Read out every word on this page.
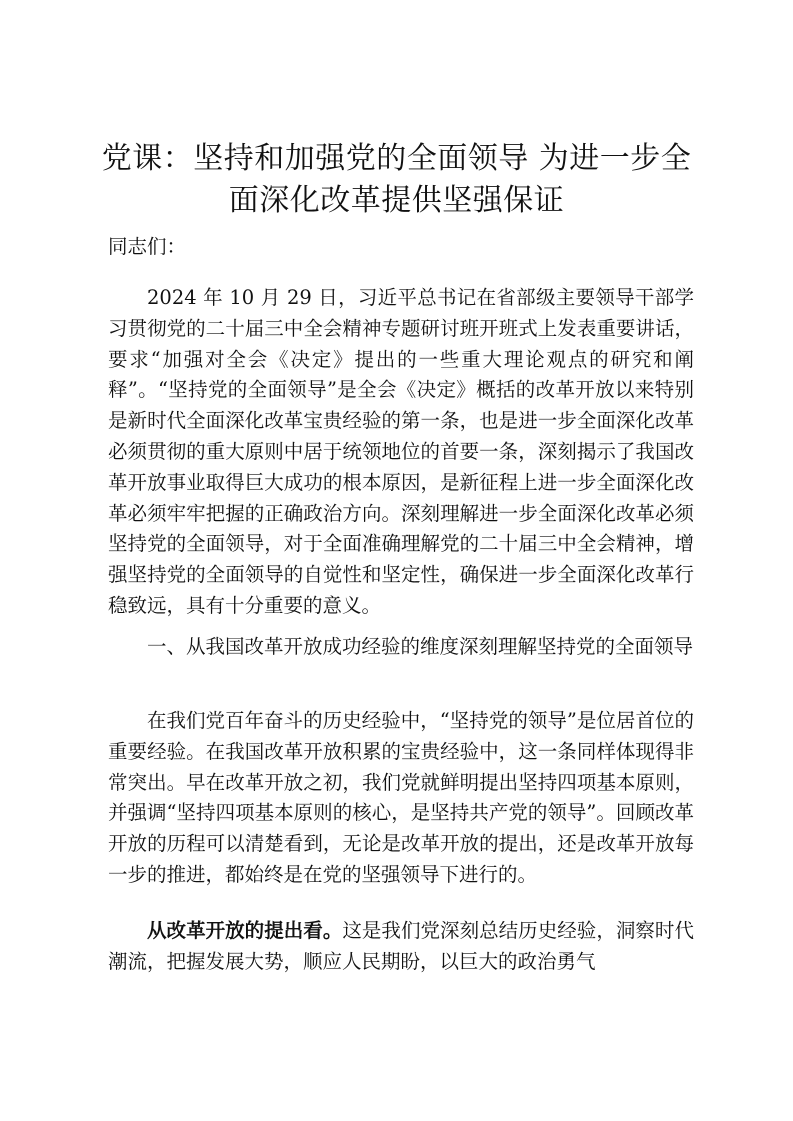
党课：坚持和加强党的全面领导 为进一步全面深化改革提供坚强保证

同志们：

2024 年 10 月 29 日，习近平总书记在省部级主要领导干部学习贯彻党的二十届三中全会精神专题研讨班开班式上发表重要讲话，要求“加强对全会《决定》提出的一些重大理论观点的研究和阐释”。“坚持党的全面领导”是全会《决定》概括的改革开放以来特别是新时代全面深化改革宝贵经验的第一条，也是进一步全面深化改革必须贯彻的重大原则中居于统领地位的首要一条，深刻揭示了我国改革开放事业取得巨大成功的根本原因，是新征程上进一步全面深化改革必须牢牢把握的正确政治方向。深刻理解进一步全面深化改革必须坚持党的全面领导，对于全面准确理解党的二十届三中全会精神，增强坚持党的全面领导的自觉性和坚定性，确保进一步全面深化改革行稳致远，具有十分重要的意义。

一、从我国改革开放成功经验的维度深刻理解坚持党的全面领导

在我们党百年奋斗的历史经验中，“坚持党的领导”是位居首位的重要经验。在我国改革开放积累的宝贵经验中，这一条同样体现得非常突出。早在改革开放之初，我们党就鲜明提出坚持四项基本原则，并强调“坚持四项基本原则的核心，是坚持共产党的领导”。回顾改革开放的历程可以清楚看到，无论是改革开放的提出，还是改革开放每一步的推进，都始终是在党的坚强领导下进行的。

从改革开放的提出看。这是我们党深刻总结历史经验，洞察时代潮流，把握发展大势，顺应人民期盼，以巨大的政治勇气
